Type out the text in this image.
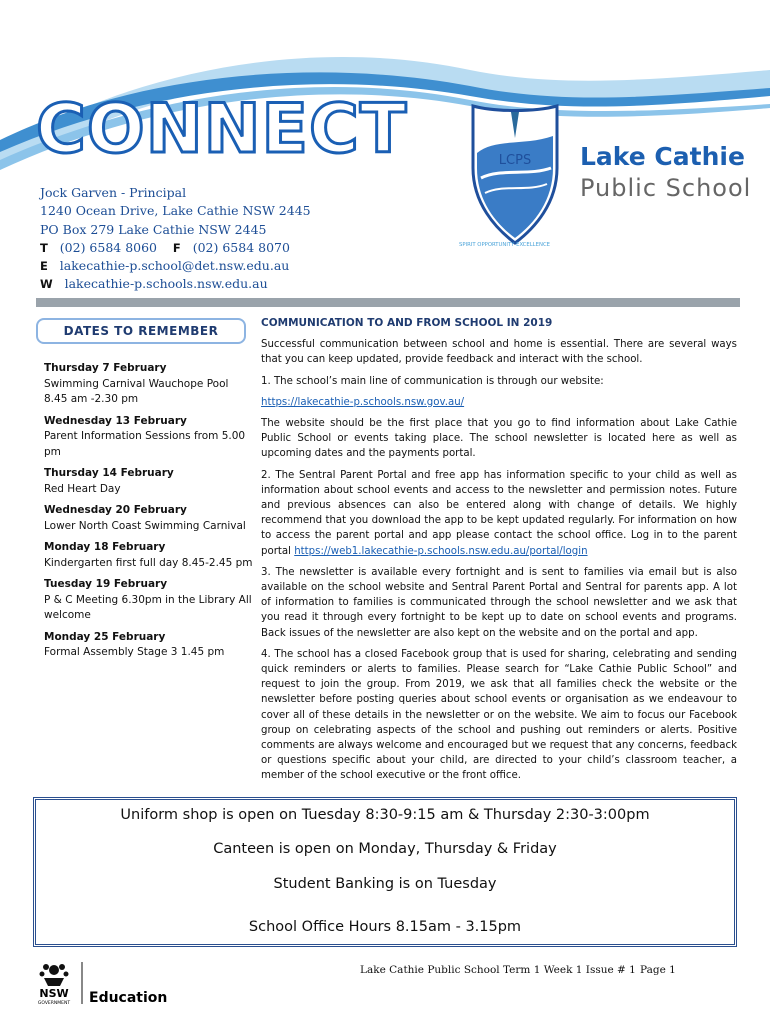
CONNECT	LCPS
SPIRIT OPPORTUNITY EXCELLENCE
Lake Cathie
Public School
Jock Garven - Principal
1240 Ocean Drive, Lake Cathie NSW 2445
PO Box 279 Lake Cathie NSW 2445
T (02) 6584 8060 F (02) 6584 8070
E lakecathie-p.school@det.nsw.edu.au
W lakecathie-p.schools.nsw.edu.au
DATES TO REMEMBER
Thursday 7 February
Swimming Carnival Wauchope Pool 8.45 am -2.30 pm
Wednesday 13 February
Parent Information Sessions from 5.00 pm
Thursday 14 February
Red Heart Day
Wednesday 20 February
Lower North Coast Swimming Carnival
Monday 18 February
Kindergarten first full day 8.45-2.45 pm
Tuesday 19 February
P & C Meeting 6.30pm in the Library All welcome
Monday 25 February
Formal Assembly Stage 3 1.45 pm
COMMUNICATION TO AND FROM SCHOOL IN 2019

Successful communication between school and home is essential. There are several ways that you can keep updated, provide feedback and interact with the school.

1. The school’s main line of communication is through our website:

https://lakecathie-p.schools.nsw.gov.au/

The website should be the first place that you go to find information about Lake Cathie Public School or events taking place. The school newsletter is located here as well as upcoming dates and the payments portal.

2. The Sentral Parent Portal and free app has information specific to your child as well as information about school events and access to the newsletter and permission notes. Future and previous absences can also be entered along with change of details. We highly recommend that you download the app to be kept updated regularly. For information on how to access the parent portal and app please contact the school office. Log in to the parent portal https://web1.lakecathie-p.schools.nsw.edu.au/portal/login

3. The newsletter is available every fortnight and is sent to families via email but is also available on the school website and Sentral Parent Portal and Sentral for parents app. A lot of information to families is communicated through the school newsletter and we ask that you read it through every fortnight to be kept up to date on school events and programs. Back issues of the newsletter are also kept on the website and on the portal and app.

4. The school has a closed Facebook group that is used for sharing, celebrating and sending quick reminders or alerts to families. Please search for “Lake Cathie Public School” and request to join the group. From 2019, we ask that all families check the website or the newsletter before posting queries about school events or organisation as we endeavour to cover all of these details in the newsletter or on the website. We aim to focus our Facebook group on celebrating aspects of the school and pushing out reminders or alerts. Positive comments are always welcome and encouraged but we request that any concerns, feedback or questions specific about your child, are directed to your child’s classroom teacher, a member of the school executive or the front office.

Uniform shop is open on Tuesday 8:30-9:15 am & Thursday 2:30-3:00pm
Canteen is open on Monday, Thursday & Friday
Student Banking is on Tuesday
School Office Hours 8.15am - 3.15pm
NSW
GOVERNMENT Education
Lake Cathie Public School Term 1 Week 1 Issue # 1 Page 1
